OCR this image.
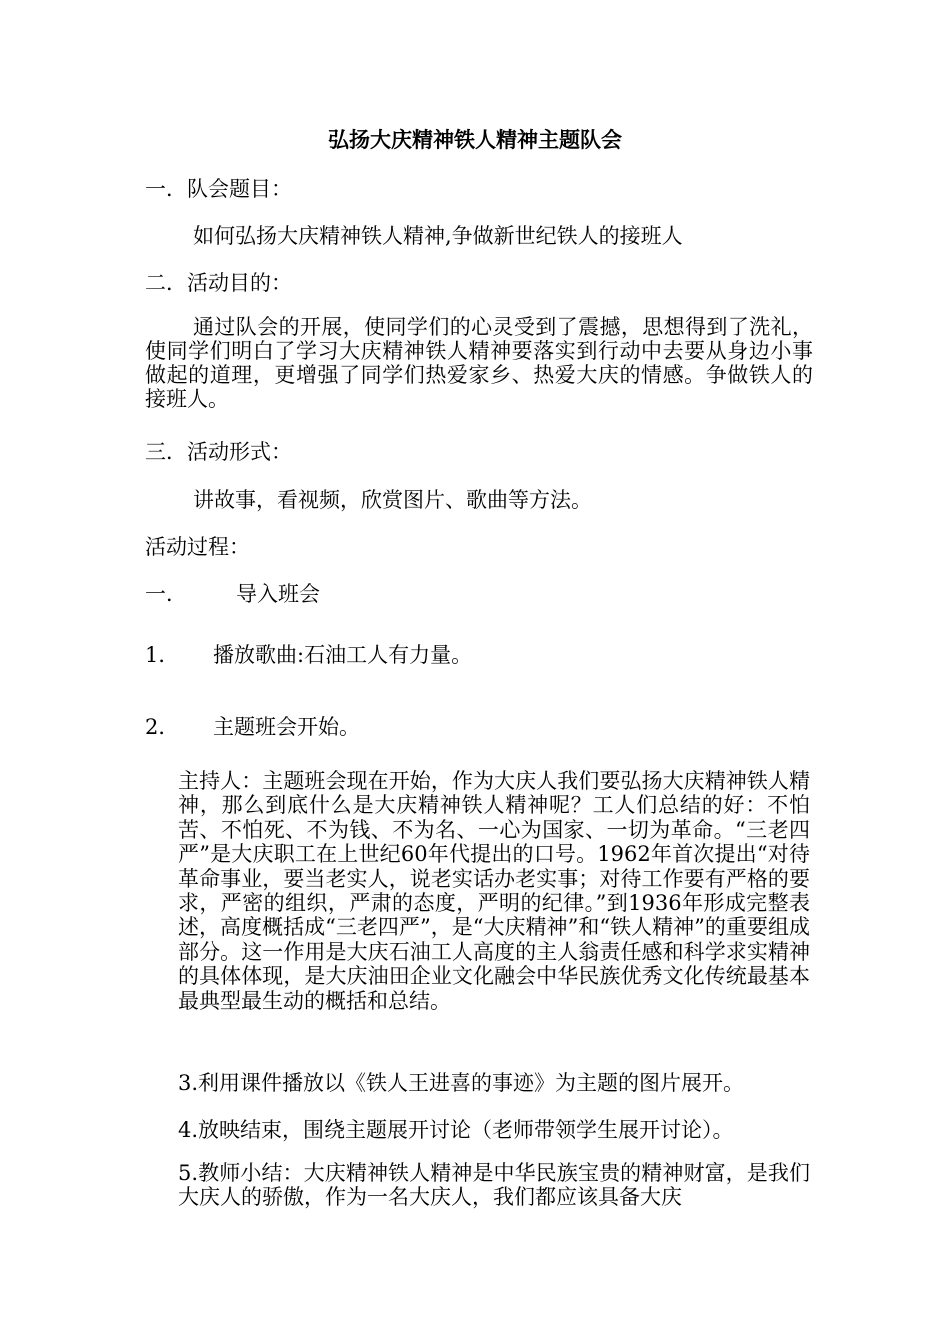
弘扬大庆精神铁人精神主题队会
一．队会题目：
如何弘扬大庆精神铁人精神,争做新世纪铁人的接班人
二．活动目的：

通过队会的开展，使同学们的心灵受到了震撼，思想得到了洗礼，使同学们明白了学习大庆精神铁人精神要落实到行动中去要从身边小事做起的道理，更增强了同学们热爱家乡、热爱大庆的情感。争做铁人的接班人。

三．活动形式：
讲故事，看视频，欣赏图片、歌曲等方法。
活动过程：
一． 导入班会
1． 播放歌曲:石油工人有力量。
2． 主题班会开始。

主持人：主题班会现在开始，作为大庆人我们要弘扬大庆精神铁人精神，那么到底什么是大庆精神铁人精神呢？工人们总结的好：不怕苦、不怕死、不为钱、不为名、一心为国家、一切为革命。“三老四严”是大庆职工在上世纪60年代提出的口号。1962年首次提出“对待革命事业，要当老实人，说老实话办老实事；对待工作要有严格的要求，严密的组织，严肃的态度，严明的纪律。”到1936年形成完整表述，高度概括成“三老四严”，是“大庆精神”和“铁人精神”的重要组成部分。这一作用是大庆石油工人高度的主人翁责任感和科学求实精神的具体体现，是大庆油田企业文化融会中华民族优秀文化传统最基本最典型最生动的概括和总结。

3.利用课件播放以《铁人王进喜的事迹》为主题的图片展开。
4.放映结束，围绕主题展开讨论（老师带领学生展开讨论）。

5.教师小结：大庆精神铁人精神是中华民族宝贵的精神财富，是我们大庆人的骄傲，作为一名大庆人，我们都应该具备大庆
